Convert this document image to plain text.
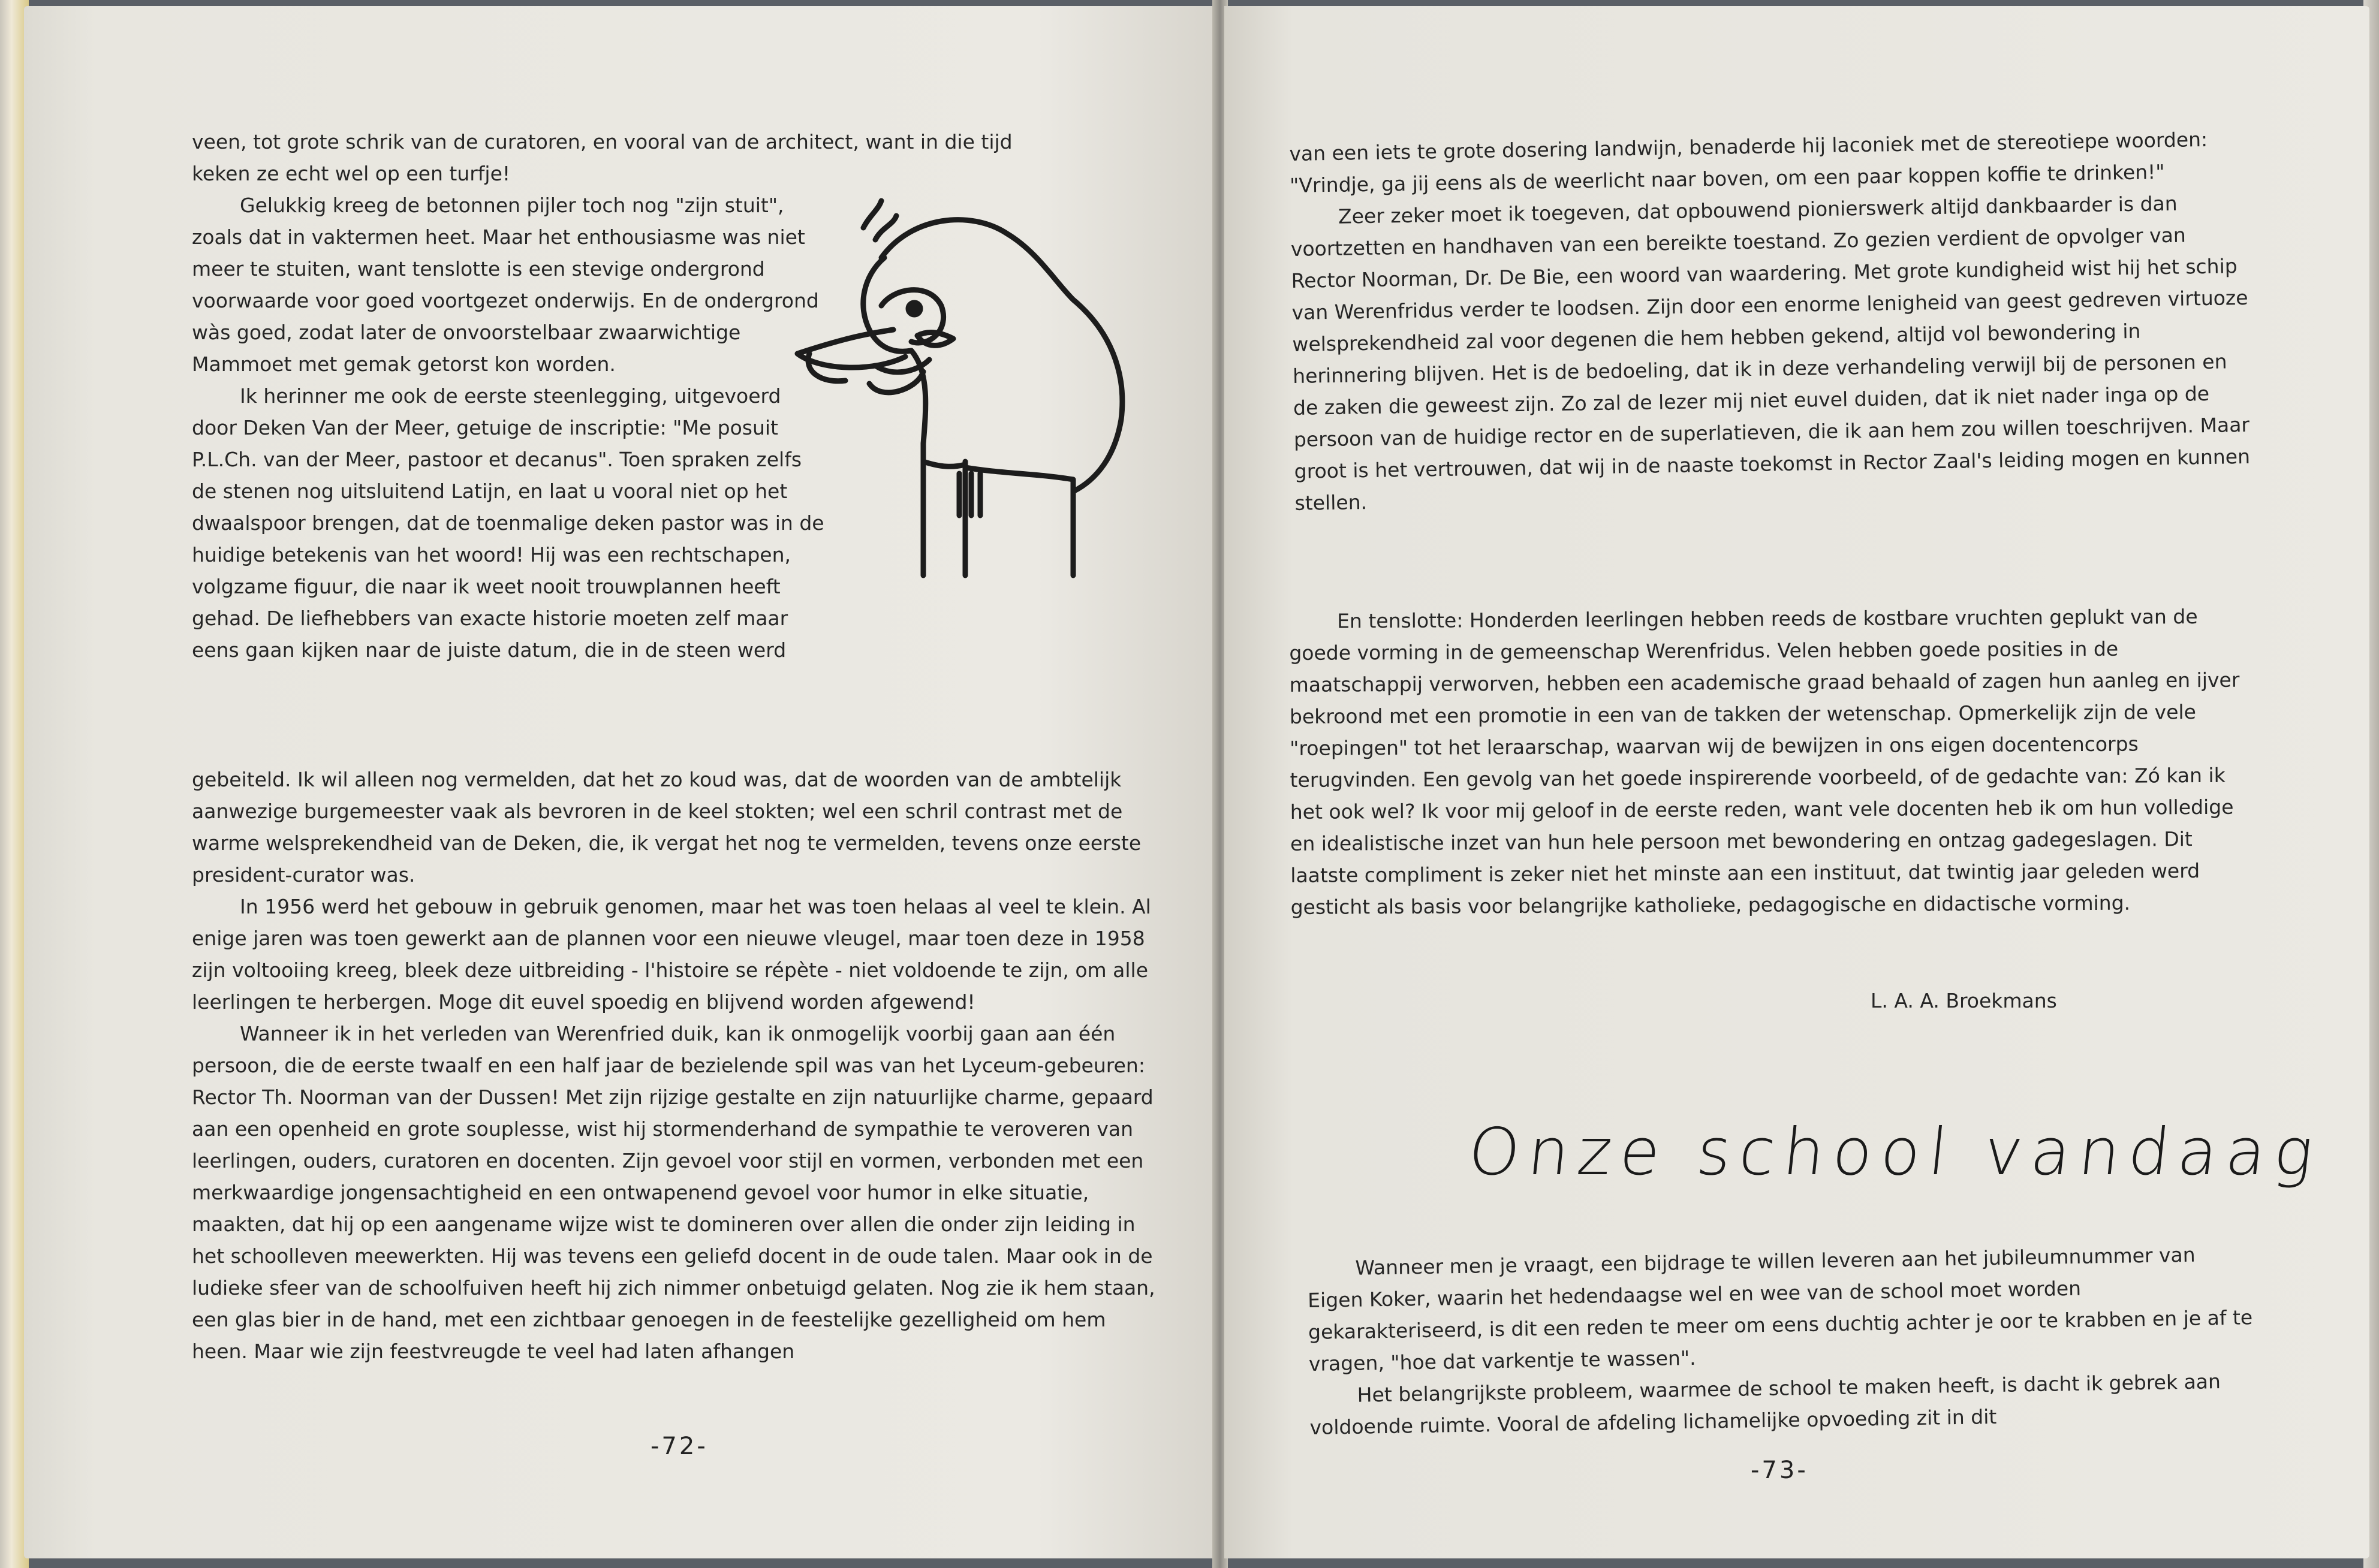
veen, tot grote schrik van de curatoren, en vooral van de architect, want in die tijd

keken ze echt wel op een turfje!

Gelukkig kreeg de betonnen pijler toch nog "zijn stuit", zoals dat in vaktermen heet. Maar het enthousiasme was niet meer te stuiten, want tenslotte is een stevige ondergrond voorwaarde voor goed voortgezet onderwijs. En de ondergrond wàs goed, zodat later de onvoorstelbaar zwaarwichtige Mammoet met gemak getorst kon worden.

Ik herinner me ook de eerste steenlegging, uitgevoerd door Deken Van der Meer, getuige de inscriptie: "Me posuit P.L.Ch. van der Meer, pastoor et decanus". Toen spraken zelfs de stenen nog uitsluitend Latijn, en laat u vooral niet op het dwaalspoor brengen, dat de toenmalige deken pastor was in de huidige betekenis van het woord! Hij was een rechtschapen, volgzame figuur, die naar ik weet nooit trouwplannen heeft gehad. De liefhebbers van exacte historie moeten zelf maar eens gaan kijken naar de juiste datum, die in de steen werd

gebeiteld. Ik wil alleen nog vermelden, dat het zo koud was, dat de woorden van de ambtelijk aanwezige burgemeester vaak als bevroren in de keel stokten; wel een schril contrast met de warme welsprekendheid van de Deken, die, ik vergat het nog te vermelden, tevens onze eerste president-curator was.

In 1956 werd het gebouw in gebruik genomen, maar het was toen helaas al veel te klein. Al enige jaren was toen gewerkt aan de plannen voor een nieuwe vleugel, maar toen deze in 1958 zijn voltooiing kreeg, bleek deze uitbreiding - l'histoire se répète - niet voldoende te zijn, om alle leerlingen te herbergen. Moge dit euvel spoedig en blijvend worden afgewend!

Wanneer ik in het verleden van Werenfried duik, kan ik onmogelijk voorbij gaan aan één persoon, die de eerste twaalf en een half jaar de bezielende spil was van het Lyceum-gebeuren: Rector Th. Noorman van der Dussen! Met zijn rijzige gestalte en zijn natuurlijke charme, gepaard aan een openheid en grote souplesse, wist hij stormenderhand de sympathie te veroveren van leerlingen, ouders, curatoren en docenten. Zijn gevoel voor stijl en vormen, verbonden met een merkwaardige jongensachtigheid en een ontwapenend gevoel voor humor in elke situatie, maakten, dat hij op een aangename wijze wist te domineren over allen die onder zijn leiding in het schoolleven meewerkten. Hij was tevens een geliefd docent in de oude talen. Maar ook in de ludieke sfeer van de schoolfuiven heeft hij zich nimmer onbetuigd gelaten. Nog zie ik hem staan, een glas bier in de hand, met een zichtbaar genoegen in de feestelijke gezelligheid om hem heen. Maar wie zijn feestvreugde te veel had laten afhangen

-72-

van een iets te grote dosering landwijn, benaderde hij laconiek met de stereotiepe woorden: "Vrindje, ga jij eens als de weerlicht naar boven, om een paar koppen koffie te drinken!"

Zeer zeker moet ik toegeven, dat opbouwend pionierswerk altijd dankbaarder is dan voortzetten en handhaven van een bereikte toestand. Zo gezien verdient de opvolger van Rector Noorman, Dr. De Bie, een woord van waardering. Met grote kundigheid wist hij het schip van Werenfridus verder te loodsen. Zijn door een enorme lenigheid van geest gedreven virtuoze welsprekendheid zal voor degenen die hem hebben gekend, altijd vol bewondering in herinnering blijven. Het is de bedoeling, dat ik in deze verhandeling verwijl bij de personen en de zaken die geweest zijn. Zo zal de lezer mij niet euvel duiden, dat ik niet nader inga op de persoon van de huidige rector en de superlatieven, die ik aan hem zou willen toeschrijven. Maar groot is het vertrouwen, dat wij in de naaste toekomst in Rector Zaal's leiding mogen en kunnen stellen.

En tenslotte: Honderden leerlingen hebben reeds de kostbare vruchten geplukt van de goede vorming in de gemeenschap Werenfridus. Velen hebben goede posities in de maatschappij verworven, hebben een academische graad behaald of zagen hun aanleg en ijver bekroond met een promotie in een van de takken der wetenschap. Opmerkelijk zijn de vele "roepingen" tot het leraarschap, waarvan wij de bewijzen in ons eigen docentencorps terugvinden. Een gevolg van het goede inspirerende voorbeeld, of de gedachte van: Zó kan ik het ook wel? Ik voor mij geloof in de eerste reden, want vele docenten heb ik om hun volledige en idealistische inzet van hun hele persoon met bewondering en ontzag gadegeslagen. Dit laatste compliment is zeker niet het minste aan een instituut, dat twintig jaar geleden werd gesticht als basis voor belangrijke katholieke, pedagogische en didactische vorming.

L. A. A. Broekmans
Onze school vandaag

Wanneer men je vraagt, een bijdrage te willen leveren aan het jubileumnummer van Eigen Koker, waarin het hedendaagse wel en wee van de school moet worden gekarakteriseerd, is dit een reden te meer om eens duchtig achter je oor te krabben en je af te vragen, "hoe dat varkentje te wassen".

Het belangrijkste probleem, waarmee de school te maken heeft, is dacht ik gebrek aan voldoende ruimte. Vooral de afdeling lichamelijke opvoeding zit in dit

-73-
